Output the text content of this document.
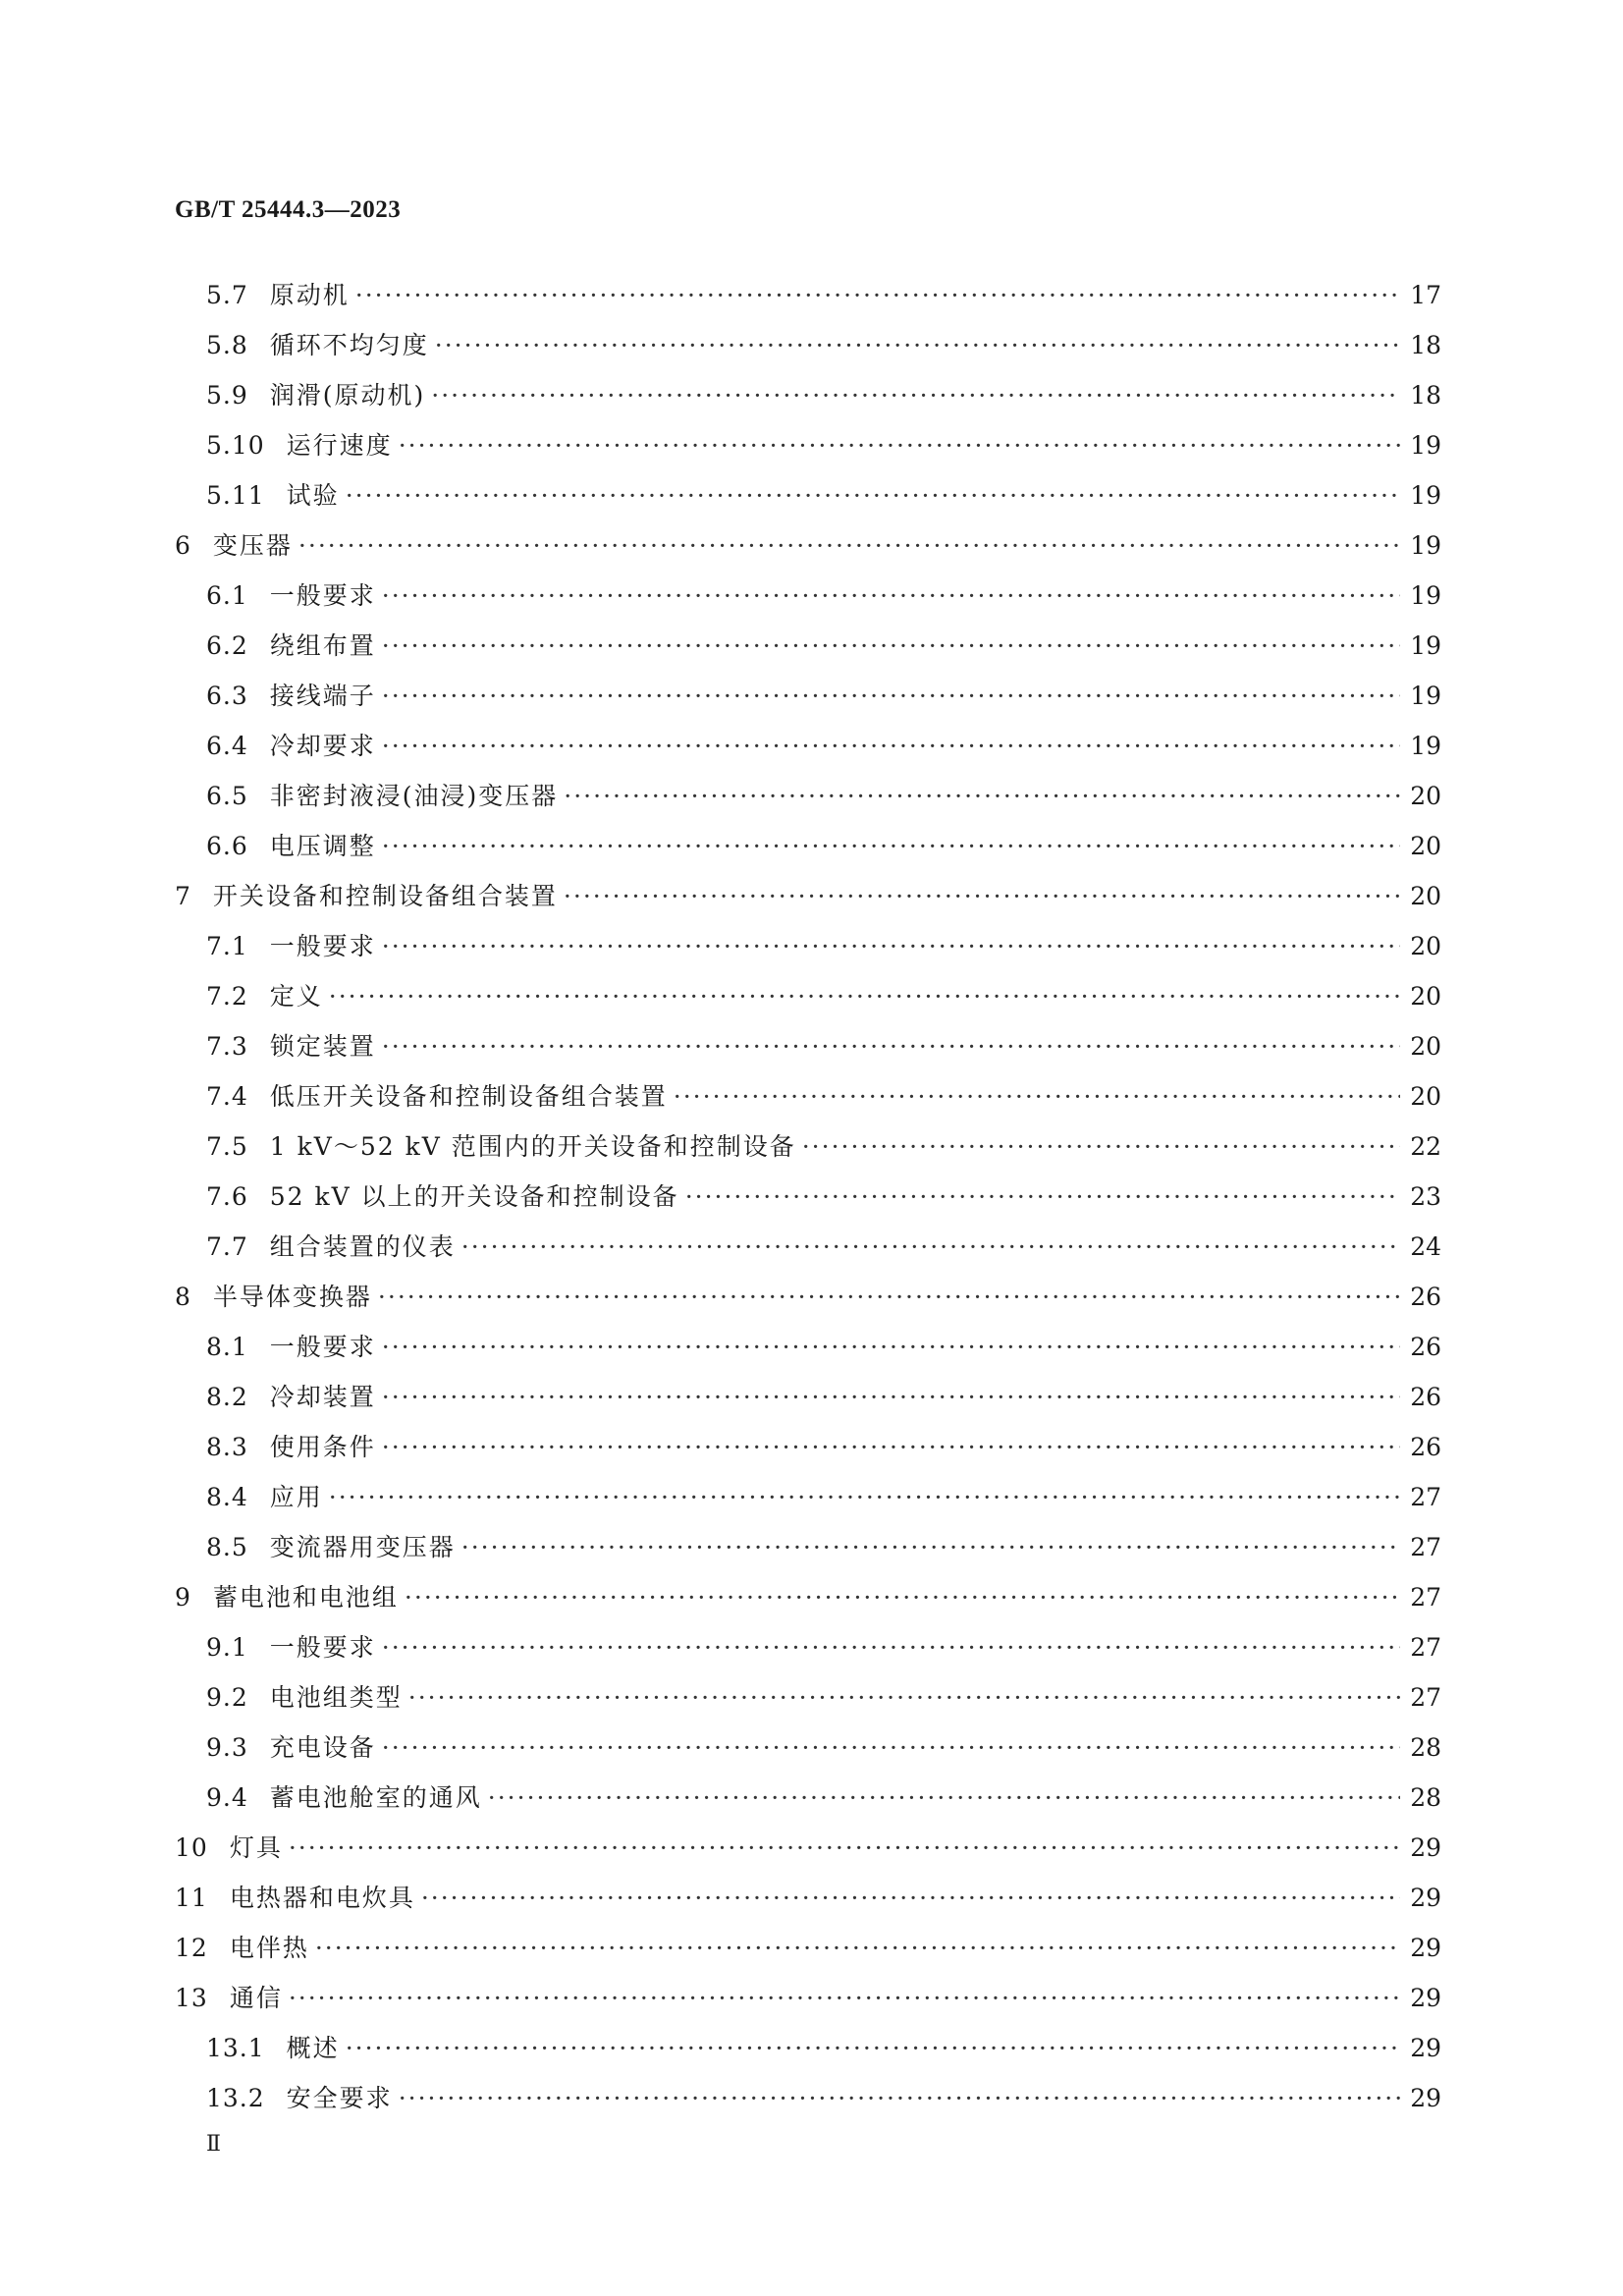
GB/T 25444.3—2023
5.7 原动机 ·····	17
5.8 循环不均匀度 ·····	18
5.9 润滑(原动机) ·····	18
5.10 运行速度 ·····	19
5.11 试验 ·····	19
6 变压器 ·····	19
6.1 一般要求 ·····	19
6.2 绕组布置 ·····	19
6.3 接线端子 ·····	19
6.4 冷却要求 ·····	19
6.5 非密封液浸(油浸)变压器 ·····	20
6.6 电压调整 ·····	20
7 开关设备和控制设备组合装置 ·····	20
7.1 一般要求 ·····	20
7.2 定义 ·····	20
7.3 锁定装置 ·····	20
7.4 低压开关设备和控制设备组合装置 ·····	20
7.5 1 kV～52 kV 范围内的开关设备和控制设备 ·····	22
7.6 52 kV 以上的开关设备和控制设备 ·····	23
7.7 组合装置的仪表 ·····	24
8 半导体变换器 ·····	26
8.1 一般要求 ·····	26
8.2 冷却装置 ·····	26
8.3 使用条件 ·····	26
8.4 应用 ·····	27
8.5 变流器用变压器 ·····	27
9 蓄电池和电池组 ·····	27
9.1 一般要求 ·····	27
9.2 电池组类型 ·····	27
9.3 充电设备 ·····	28
9.4 蓄电池舱室的通风 ·····	28
10 灯具 ·····	29
11 电热器和电炊具 ·····	29
12 电伴热 ·····	29
13 通信 ·····	29
13.1 概述 ·····	29
13.2 安全要求 ·····	29
Ⅱ
